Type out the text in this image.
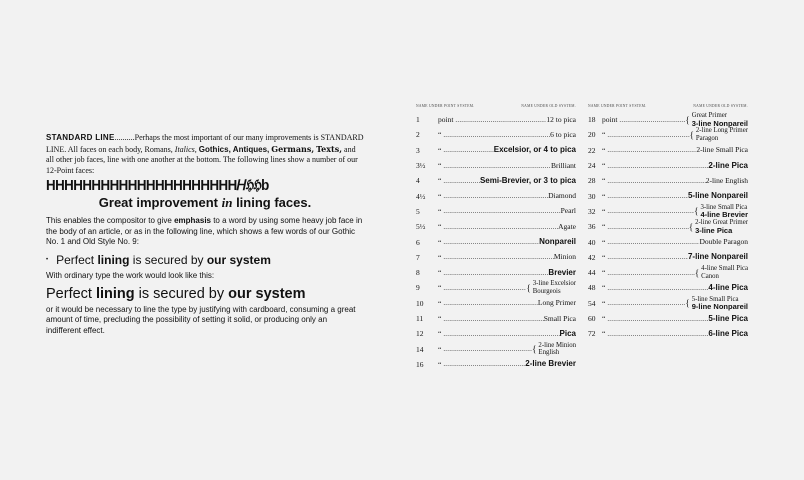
STANDARD LINE..........Perhaps the most important of our many improvements is STANDARD LINE. All faces on each body, Romans, Italics, Gothics, Antiques, Germans, Texts, and all other job faces, line with one another at the bottom. The following lines show a number of our 12-Point faces:
HHHHHHHHHHHHHHHHHHHHH𝐻ℌℌb
Great improvement in lining faces.
This enables the compositor to give emphasis to a word by using some heavy job face in the body of an article, or as in the following line, which shows a few words of our Gothic No. 1 and Old Style No. 9:
• Perfect lining is secured by our system
With ordinary type the work would look like this:
Perfect lining is secured by our system
or it would be necessary to line the type by justifying with cardboard, consuming a great amount of time, precluding the possibility of setting it solid, or producing only an indifferent effect.
NAME UNDER POINT SYSTEM.	NAME UNDER OLD SYSTEM.
1	point .....	12 to pica
2	“ .....	6 to pica
3	“ .....	Excelsior, or 4 to pica
3½	“ .....	Brilliant
4	“ .....	Semi-Brevier, or 3 to pica
4½	“ .....	Diamond
5	“ .....	Pearl
5½	“ .....	Agate
6	“ .....	Nonpareil
7	“ .....	Minion
8	“ .....	Brevier
9	“ .....	{ 3-line Excelsior
Bourgeois
10	“ .....	Long Primer
11	“ .....	Small Pica
12	“ .....	Pica
14	“ .....	{ 2-line Minion
English
16	“ .....	2-line Brevier
NAME UNDER POINT SYSTEM.	NAME UNDER OLD SYSTEM.
18 point .....	{ Great Primer
3-line Nonpareil
20 “ .....	{ 2-line Long Primer
Paragon
22 “ .....	2-line Small Pica
24 “ .....	2-line Pica
28 “ .....	2-line English
30 “ .....	5-line Nonpareil
32 “ .....	{ 3-line Small Pica
4-line Brevier
36 “ .....	{ 2-line Great Primer
3-line Pica
40 “ .....	Double Paragon
42 “ .....	7-line Nonpareil
44 “ .....	{ 4-line Small Pica
Canon
48 “ .....	4-line Pica
54 “ .....	{ 5-line Small Pica
9-line Nonpareil
60 “ .....	5-line Pica
72 “ .....	6-line Pica
